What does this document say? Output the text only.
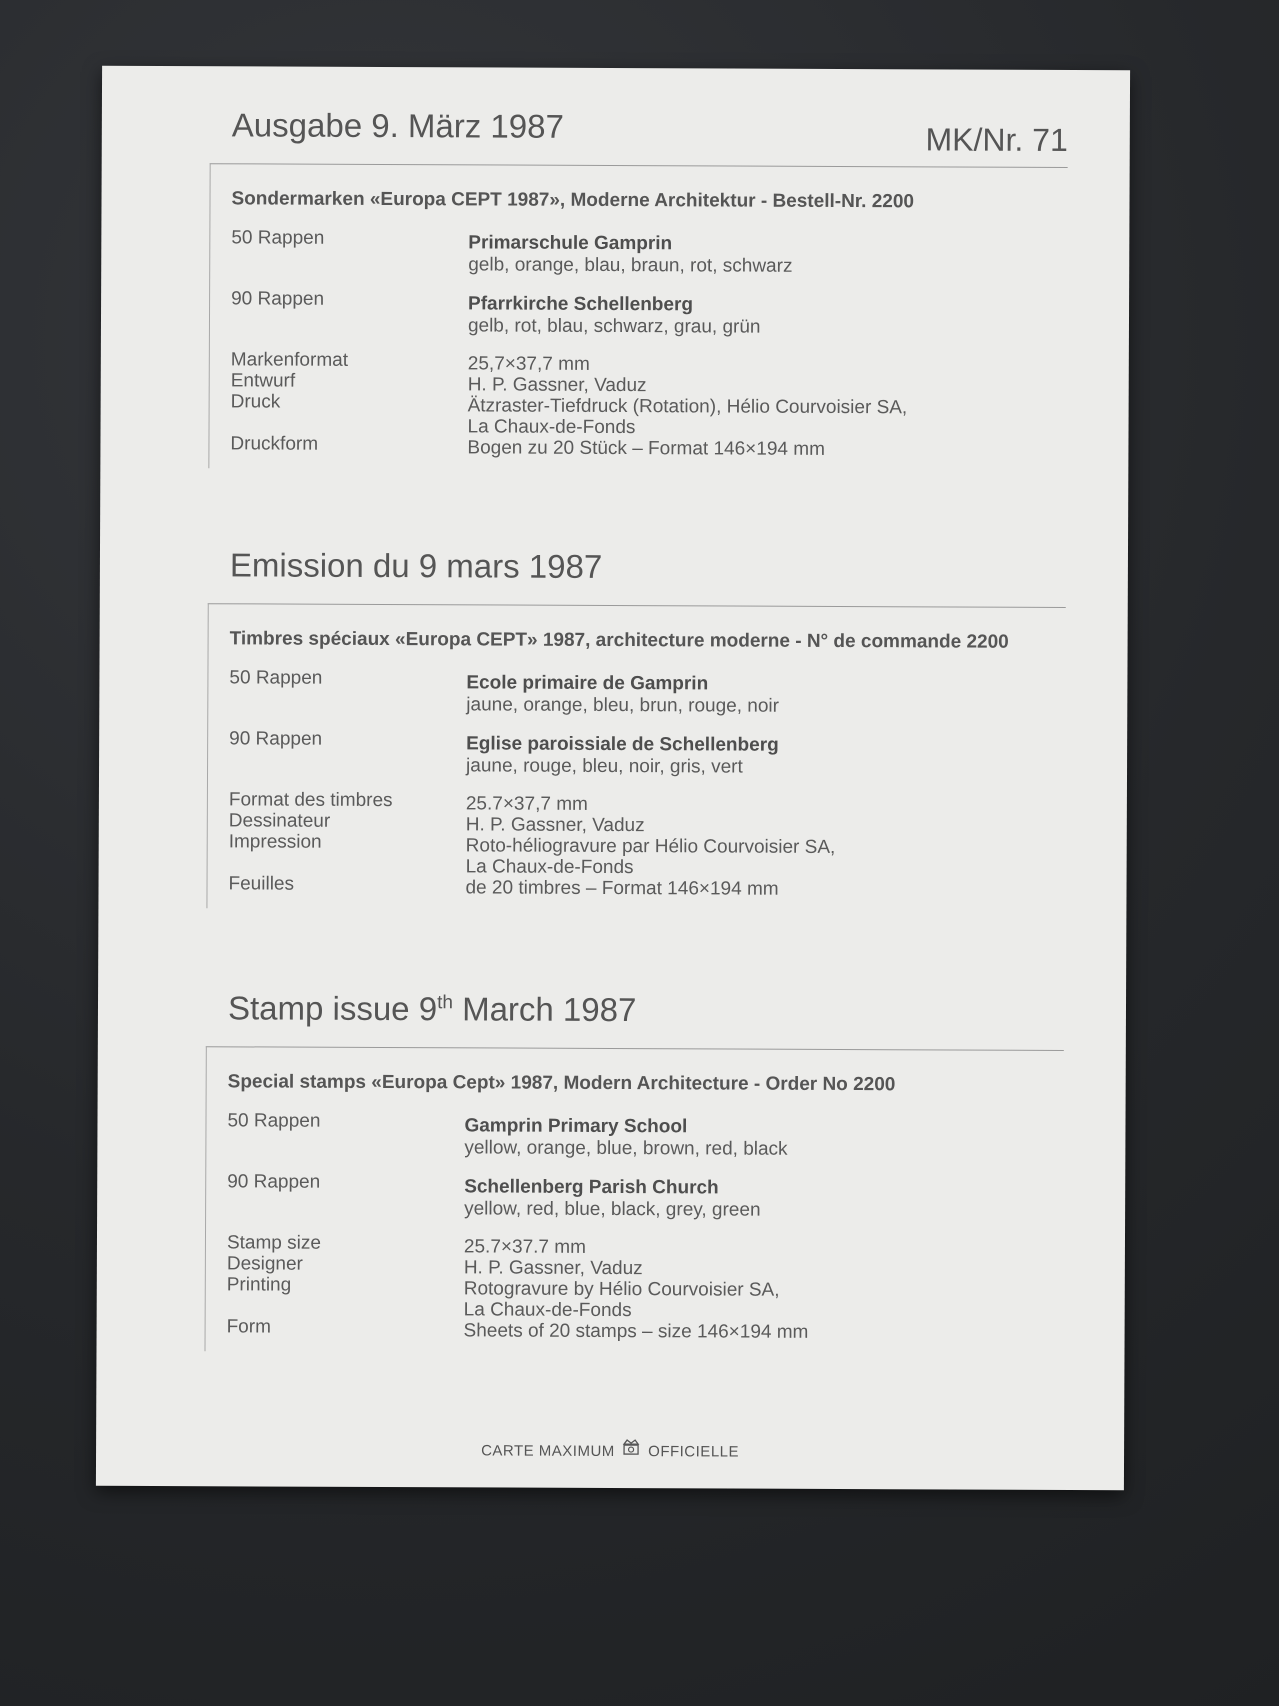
Ausgabe 9. März 1987	MK/Nr. 71
Sondermarken «Europa CEPT 1987», Moderne Architektur - Bestell-Nr. 2200
50 Rappen	Primarschule Gamprin
gelb, orange, blau, braun, rot, schwarz
90 Rappen	Pfarrkirche Schellenberg
gelb, rot, blau, schwarz, grau, grün
Markenformat	25,7×37,7 mm
Entwurf	H. P. Gassner, Vaduz
Druck	Ätzraster-Tiefdruck (Rotation), Hélio Courvoisier SA,
La Chaux-de-Fonds
Druckform	Bogen zu 20 Stück – Format 146×194 mm
Emission du 9 mars 1987
Timbres spéciaux «Europa CEPT» 1987, architecture moderne - N° de commande 2200
50 Rappen	Ecole primaire de Gamprin
jaune, orange, bleu, brun, rouge, noir
90 Rappen	Eglise paroissiale de Schellenberg
jaune, rouge, bleu, noir, gris, vert
Format des timbres	25.7×37,7 mm
Dessinateur	H. P. Gassner, Vaduz
Impression	Roto-héliogravure par Hélio Courvoisier SA,
La Chaux-de-Fonds
Feuilles	de 20 timbres – Format 146×194 mm
Stamp issue 9th March 1987
Special stamps «Europa Cept» 1987, Modern Architecture - Order No 2200
50 Rappen	Gamprin Primary School
yellow, orange, blue, brown, red, black
90 Rappen	Schellenberg Parish Church
yellow, red, blue, black, grey, green
Stamp size	25.7×37.7 mm
Designer	H. P. Gassner, Vaduz
Printing	Rotogravure by Hélio Courvoisier SA,
La Chaux-de-Fonds
Form	Sheets of 20 stamps – size 146×194 mm
CARTE MAXIMUM OFFICIELLE
